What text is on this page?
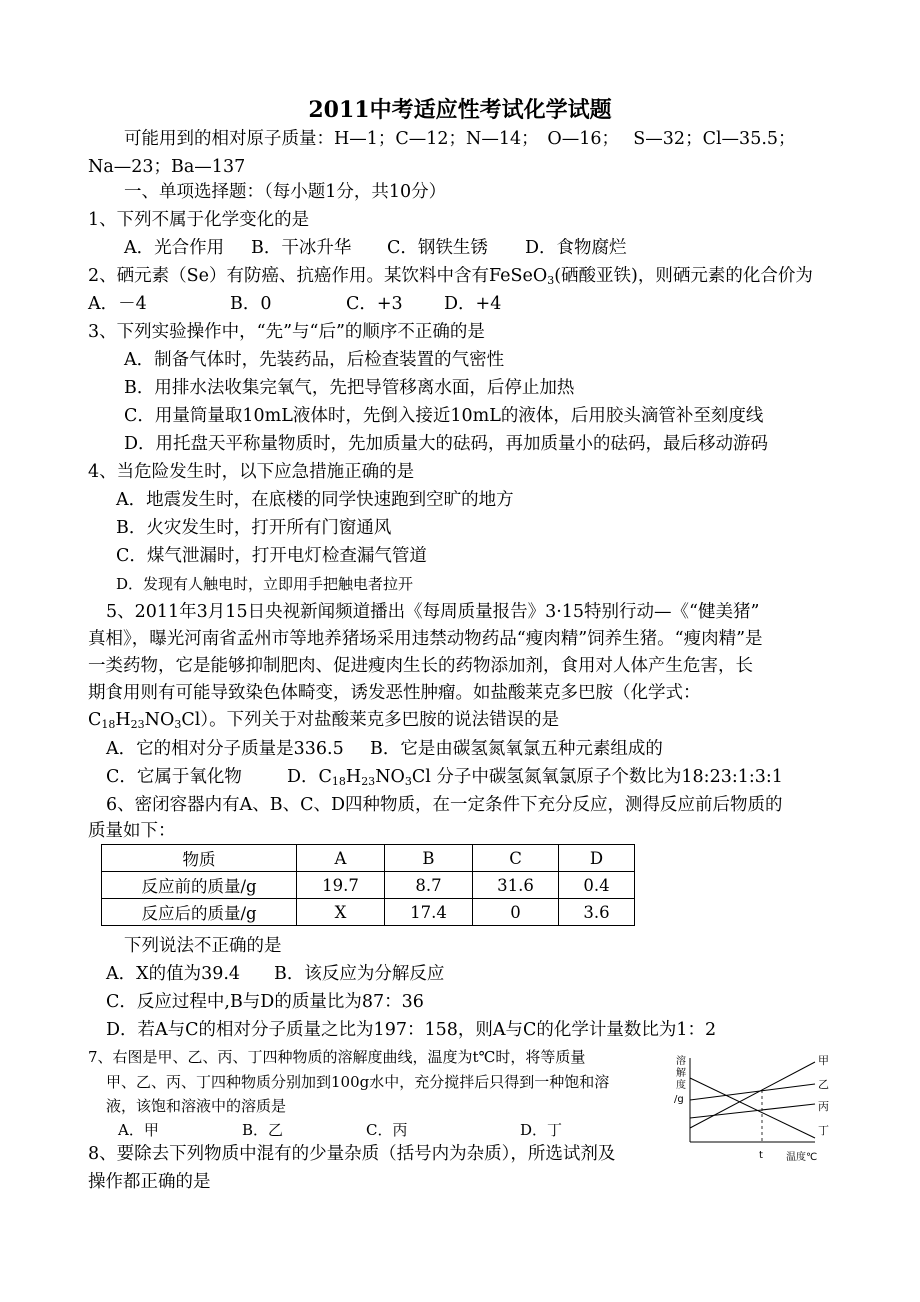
2011中考适应性考试化学试题
可能用到的相对原子质量：H—1；C—12；N—14；　O—16；　 S—32；Cl—35.5；
Na—23；Ba—137
一、单项选择题：（每小题1分，共10分）
1、下列不属于化学变化的是
A．光合作用 B．干冰升华 C．钢铁生锈 D．食物腐烂
2、硒元素（Se）有防癌、抗癌作用。某饮料中含有FeSeO$_3$(硒酸亚铁)，则硒元素的化合价为
A．－4	B．0	C．+3 D．+4
3、下列实验操作中，“先”与“后”的顺序不正确的是
A．制备气体时，先装药品，后检查装置的气密性
B．用排水法收集完氧气，先把导管移离水面，后停止加热
C．用量筒量取10mL液体时，先倒入接近10mL的液体，后用胶头滴管补至刻度线
D．用托盘天平称量物质时，先加质量大的砝码，再加质量小的砝码，最后移动游码
4、当危险发生时，以下应急措施正确的是
A．地震发生时，在底楼的同学快速跑到空旷的地方
B．火灾发生时，打开所有门窗通风
C．煤气泄漏时，打开电灯检查漏气管道
D．发现有人触电时，立即用手把触电者拉开
5、2011年3月15日央视新闻频道播出《每周质量报告》3·15特别行动—《“健美猪”
真相》，曝光河南省孟州市等地养猪场采用违禁动物药品“瘦肉精”饲养生猪。“瘦肉精”是
一类药物，它是能够抑制肥肉、促进瘦肉生长的药物添加剂，食用对人体产生危害，长
期食用则有可能导致染色体畸变，诱发恶性肿瘤。如盐酸莱克多巴胺（化学式：
$C_{18}H_{23}NO_3Cl$）。下列关于对盐酸莱克多巴胺的说法错误的是
A．它的相对分子质量是336.5 B．它是由碳氢氮氧氯五种元素组成的
C．它属于氧化物	D．$C_{18}H_{23}NO_3Cl$ 分子中碳氢氮氧氯原子个数比为18:23:1:3:1
6、密闭容器内有A、B、C、D四种物质，在一定条件下充分反应，测得反应前后物质的
质量如下：
物质	A	B	C	D
反应前的质量/g	19.7	8.7	31.6	0.4
反应后的质量/g	X	17.4	0	3.6
下列说法不正确的是
A．X的值为39.4 B．该反应为分解反应
C．反应过程中,B与D的质量比为87：36
D．若A与C的相对分子质量之比为197：158，则A与C的化学计量数比为1：2
7、右图是甲、乙、丙、丁四种物质的溶解度曲线，温度为t℃时，将等质量
甲、乙、丙、丁四种物质分别加到100g水中，充分搅拌后只得到一种饱和溶
液，该饱和溶液中的溶质是
A．甲	B．乙	C．丙	D．丁
8、要除去下列物质中混有的少量杂质（括号内为杂质），所选试剂及
操作都正确的是
溶
解
度
/g
t 温度℃
甲
乙
丙
丁
